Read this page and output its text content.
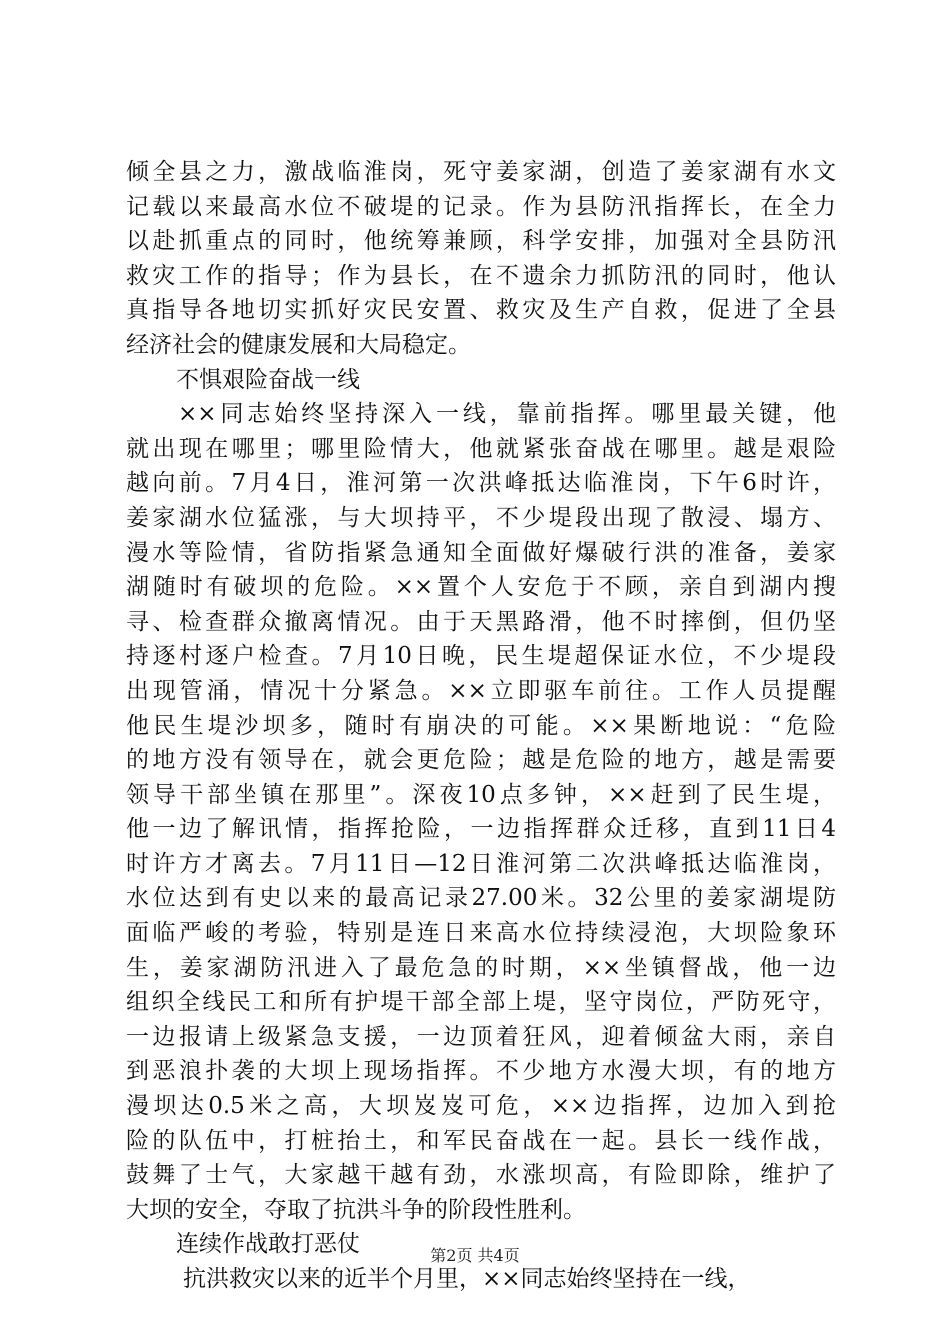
倾全县之力，激战临淮岗，死守姜家湖，创造了姜家湖有水文
记载以来最高水位不破堤的记录。作为县防汛指挥长，在全力
以赴抓重点的同时，他统筹兼顾，科学安排，加强对全县防汛
救灾工作的指导；作为县长，在不遗余力抓防汛的同时，他认
真指导各地切实抓好灾民安置、救灾及生产自救，促进了全县
经济社会的健康发展和大局稳定。
不惧艰险奋战一线
××同志始终坚持深入一线，靠前指挥。哪里最关键，他
就出现在哪里；哪里险情大，他就紧张奋战在哪里。越是艰险
越向前。7月4日，淮河第一次洪峰抵达临淮岗，下午6时许，
姜家湖水位猛涨，与大坝持平，不少堤段出现了散浸、塌方、
漫水等险情，省防指紧急通知全面做好爆破行洪的准备，姜家
湖随时有破坝的危险。××置个人安危于不顾，亲自到湖内搜
寻、检查群众撤离情况。由于天黑路滑，他不时摔倒，但仍坚
持逐村逐户检查。7月10日晚，民生堤超保证水位，不少堤段
出现管涌，情况十分紧急。××立即驱车前往。工作人员提醒
他民生堤沙坝多，随时有崩决的可能。××果断地说：“危险
的地方没有领导在，就会更危险；越是危险的地方，越是需要
领导干部坐镇在那里”。深夜10点多钟，××赶到了民生堤，
他一边了解讯情，指挥抢险，一边指挥群众迁移，直到11日4
时许方才离去。7月11日—12日淮河第二次洪峰抵达临淮岗，
水位达到有史以来的最高记录27.00米。32公里的姜家湖堤防
面临严峻的考验，特别是连日来高水位持续浸泡，大坝险象环
生，姜家湖防汛进入了最危急的时期，××坐镇督战，他一边
组织全线民工和所有护堤干部全部上堤，坚守岗位，严防死守，
一边报请上级紧急支援，一边顶着狂风，迎着倾盆大雨，亲自
到恶浪扑袭的大坝上现场指挥。不少地方水漫大坝，有的地方
漫坝达0.5米之高，大坝岌岌可危，××边指挥，边加入到抢
险的队伍中，打桩抬土，和军民奋战在一起。县长一线作战，
鼓舞了士气，大家越干越有劲，水涨坝高，有险即除，维护了
大坝的安全，夺取了抗洪斗争的阶段性胜利。
连续作战敢打恶仗
抗洪救灾以来的近半个月里，××同志始终坚持在一线，
第2页 共4页
